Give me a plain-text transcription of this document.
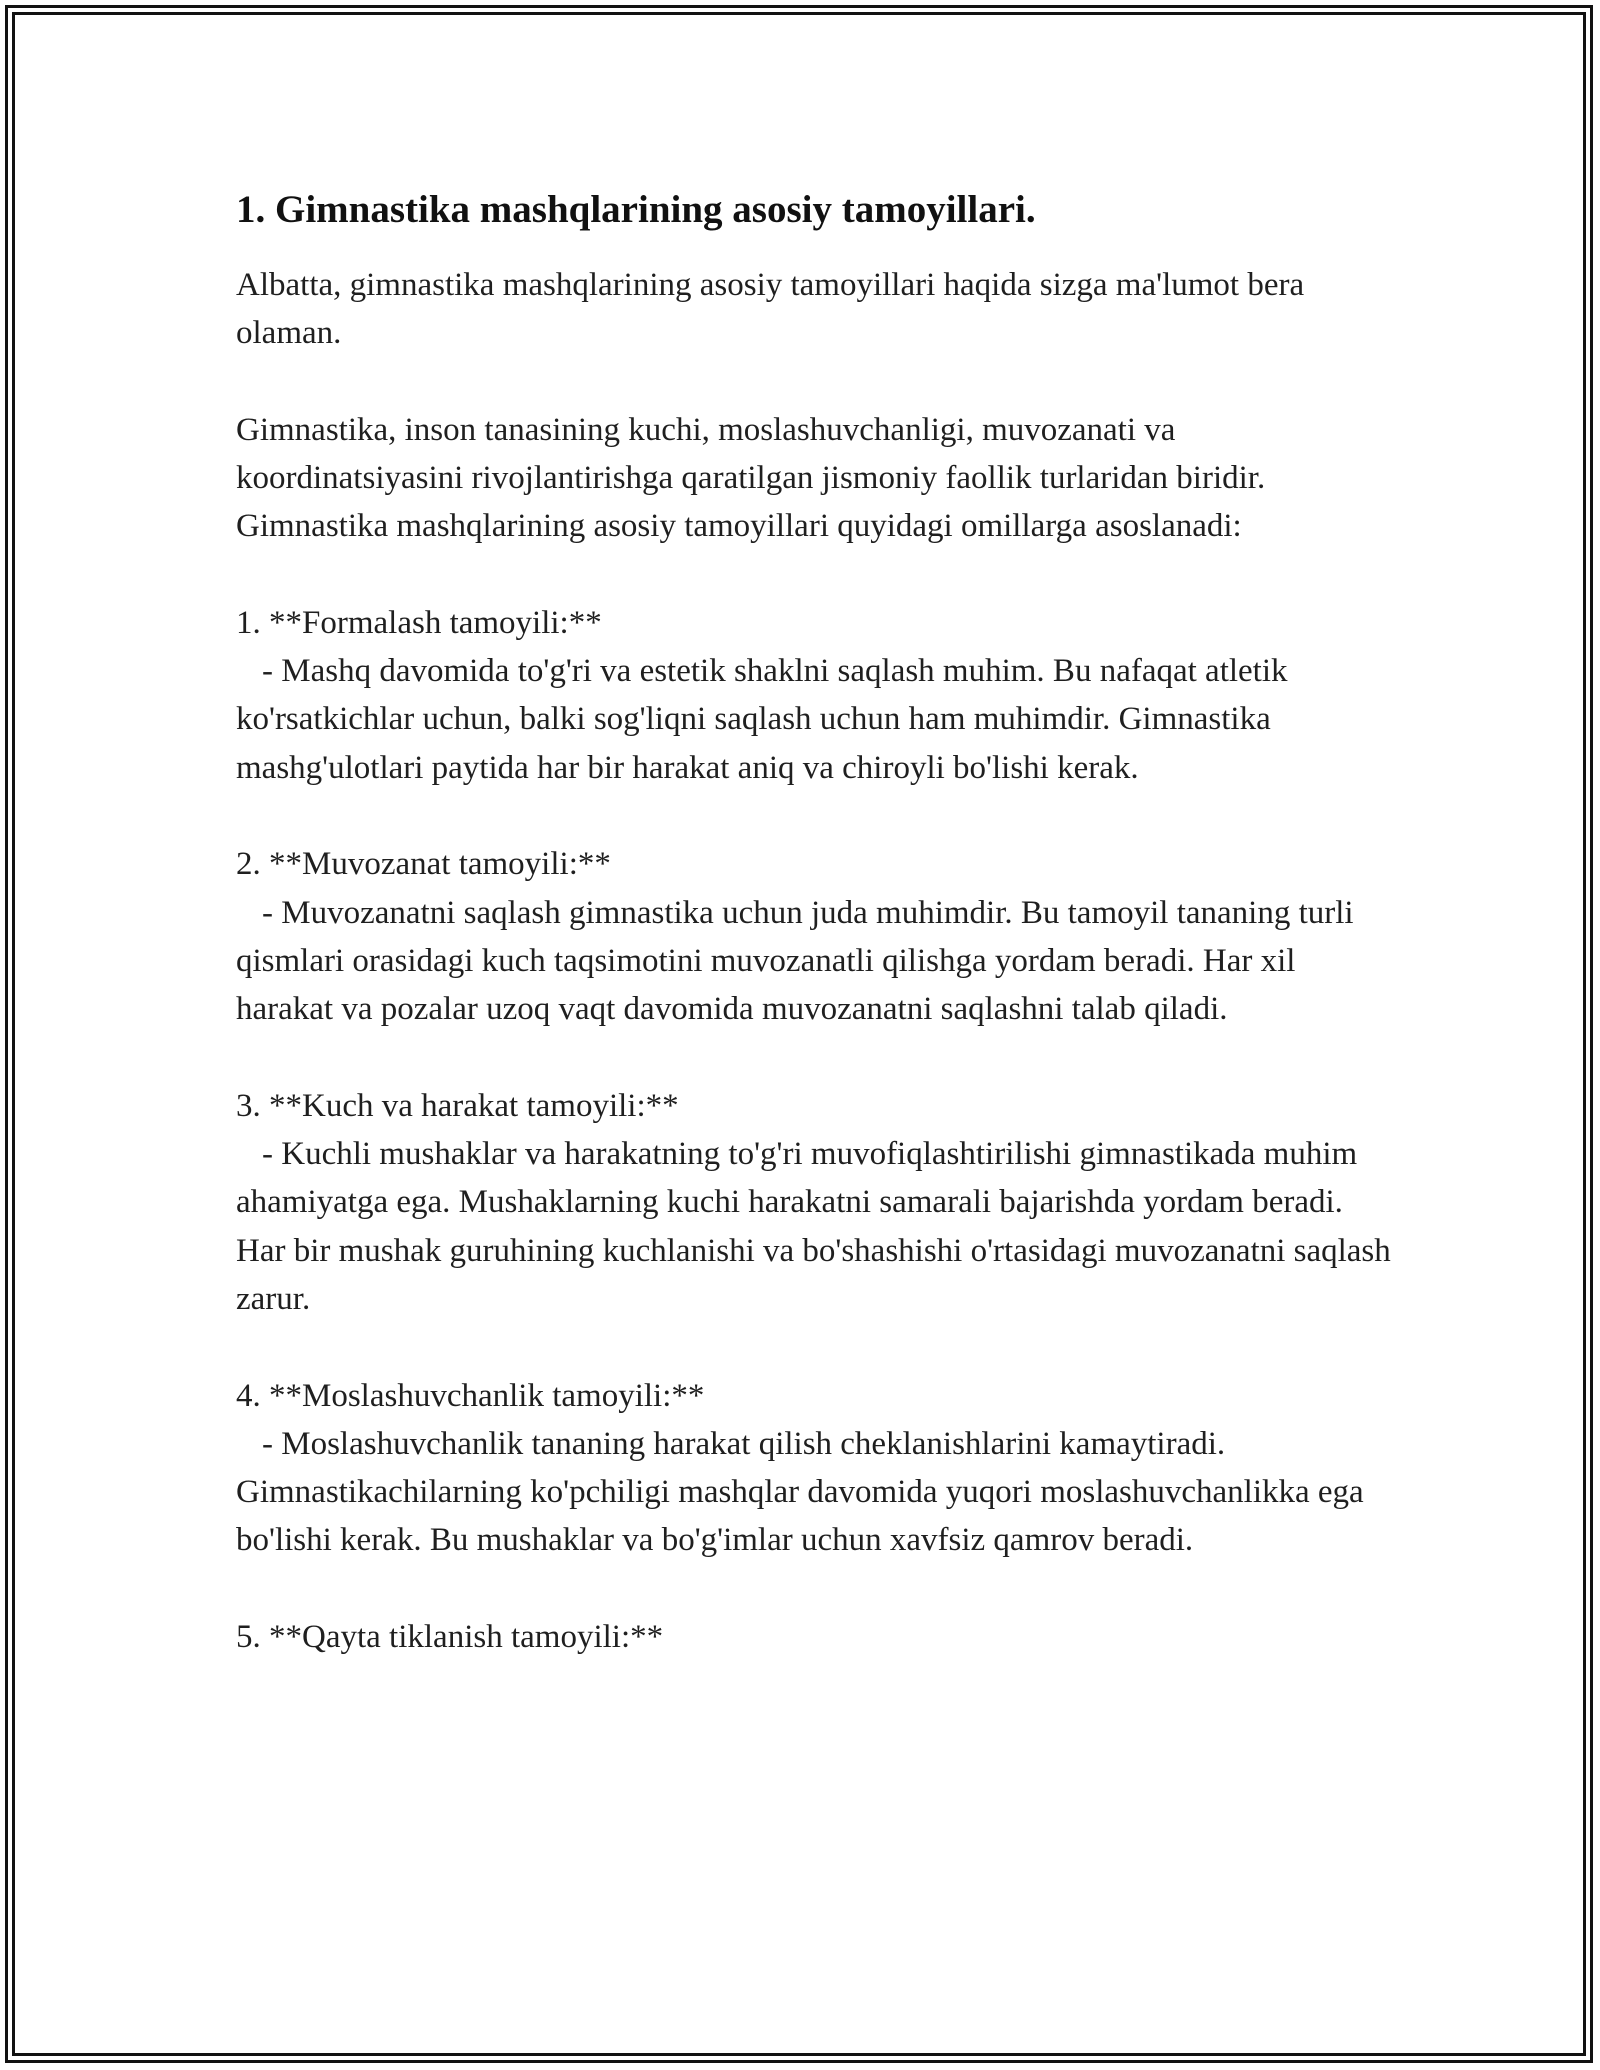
1. Gimnastika mashqlarining asosiy tamoyillari.

Albatta, gimnastika mashqlarining asosiy tamoyillari haqida sizga ma'lumot bera olaman.

Gimnastika, inson tanasining kuchi, moslashuvchanligi, muvozanati va koordinatsiyasini rivojlantirishga qaratilgan jismoniy faollik turlaridan biridir. Gimnastika mashqlarining asosiy tamoyillari quyidagi omillarga asoslanadi:

1. **Formalash tamoyili:**

- Mashq davomida to'g'ri va estetik shaklni saqlash muhim. Bu nafaqat atletik ko'rsatkichlar uchun, balki sog'liqni saqlash uchun ham muhimdir. Gimnastika mashg'ulotlari paytida har bir harakat aniq va chiroyli bo'lishi kerak.

2. **Muvozanat tamoyili:**

- Muvozanatni saqlash gimnastika uchun juda muhimdir. Bu tamoyil tananing turli qismlari orasidagi kuch taqsimotini muvozanatli qilishga yordam beradi. Har xil harakat va pozalar uzoq vaqt davomida muvozanatni saqlashni talab qiladi.

3. **Kuch va harakat tamoyili:**

- Kuchli mushaklar va harakatning to'g'ri muvofiqlashtirilishi gimnastikada muhim ahamiyatga ega. Mushaklarning kuchi harakatni samarali bajarishda yordam beradi. Har bir mushak guruhining kuchlanishi va bo'shashishi o'rtasidagi muvozanatni saqlash zarur.

4. **Moslashuvchanlik tamoyili:**

- Moslashuvchanlik tananing harakat qilish cheklanishlarini kamaytiradi. Gimnastikachilarning ko'pchiligi mashqlar davomida yuqori moslashuvchanlikka ega bo'lishi kerak. Bu mushaklar va bo'g'imlar uchun xavfsiz qamrov beradi.

5. **Qayta tiklanish tamoyili:**
